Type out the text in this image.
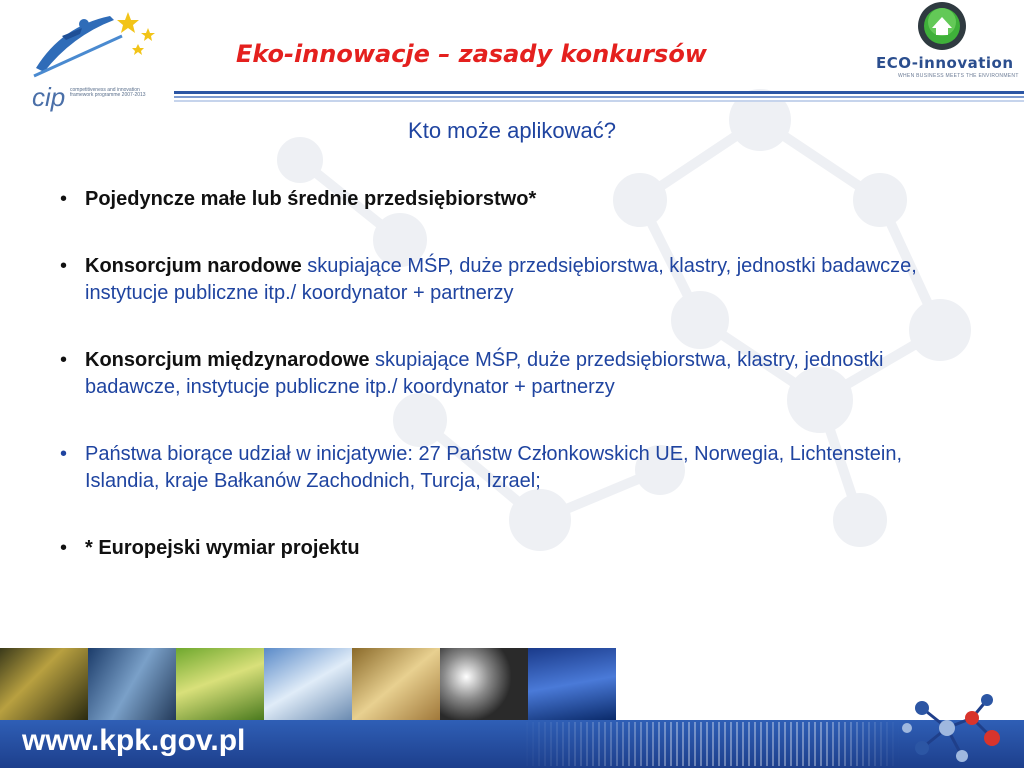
cip competitiveness and innovation framework programme 2007-2013
Eko-innowacje – zasady konkursów	ECO-innovation
WHEN BUSINESS MEETS THE ENVIRONMENT
Kto może aplikować?
• Pojedyncze małe lub średnie przedsiębiorstwo*
• Konsorcjum narodowe skupiające MŚP, duże przedsiębiorstwa, klastry, jednostki badawcze, instytucje publiczne itp./ koordynator + partnerzy
• Konsorcjum międzynarodowe skupiające MŚP, duże przedsiębiorstwa, klastry, jednostki badawcze, instytucje publiczne itp./ koordynator + partnerzy
• Państwa biorące udział w inicjatywie: 27 Państw Członkowskich UE, Norwegia, Lichtenstein, Islandia, kraje Bałkanów Zachodnich, Turcja, Izrael;
• * Europejski wymiar projektu
www.kpk.gov.pl
